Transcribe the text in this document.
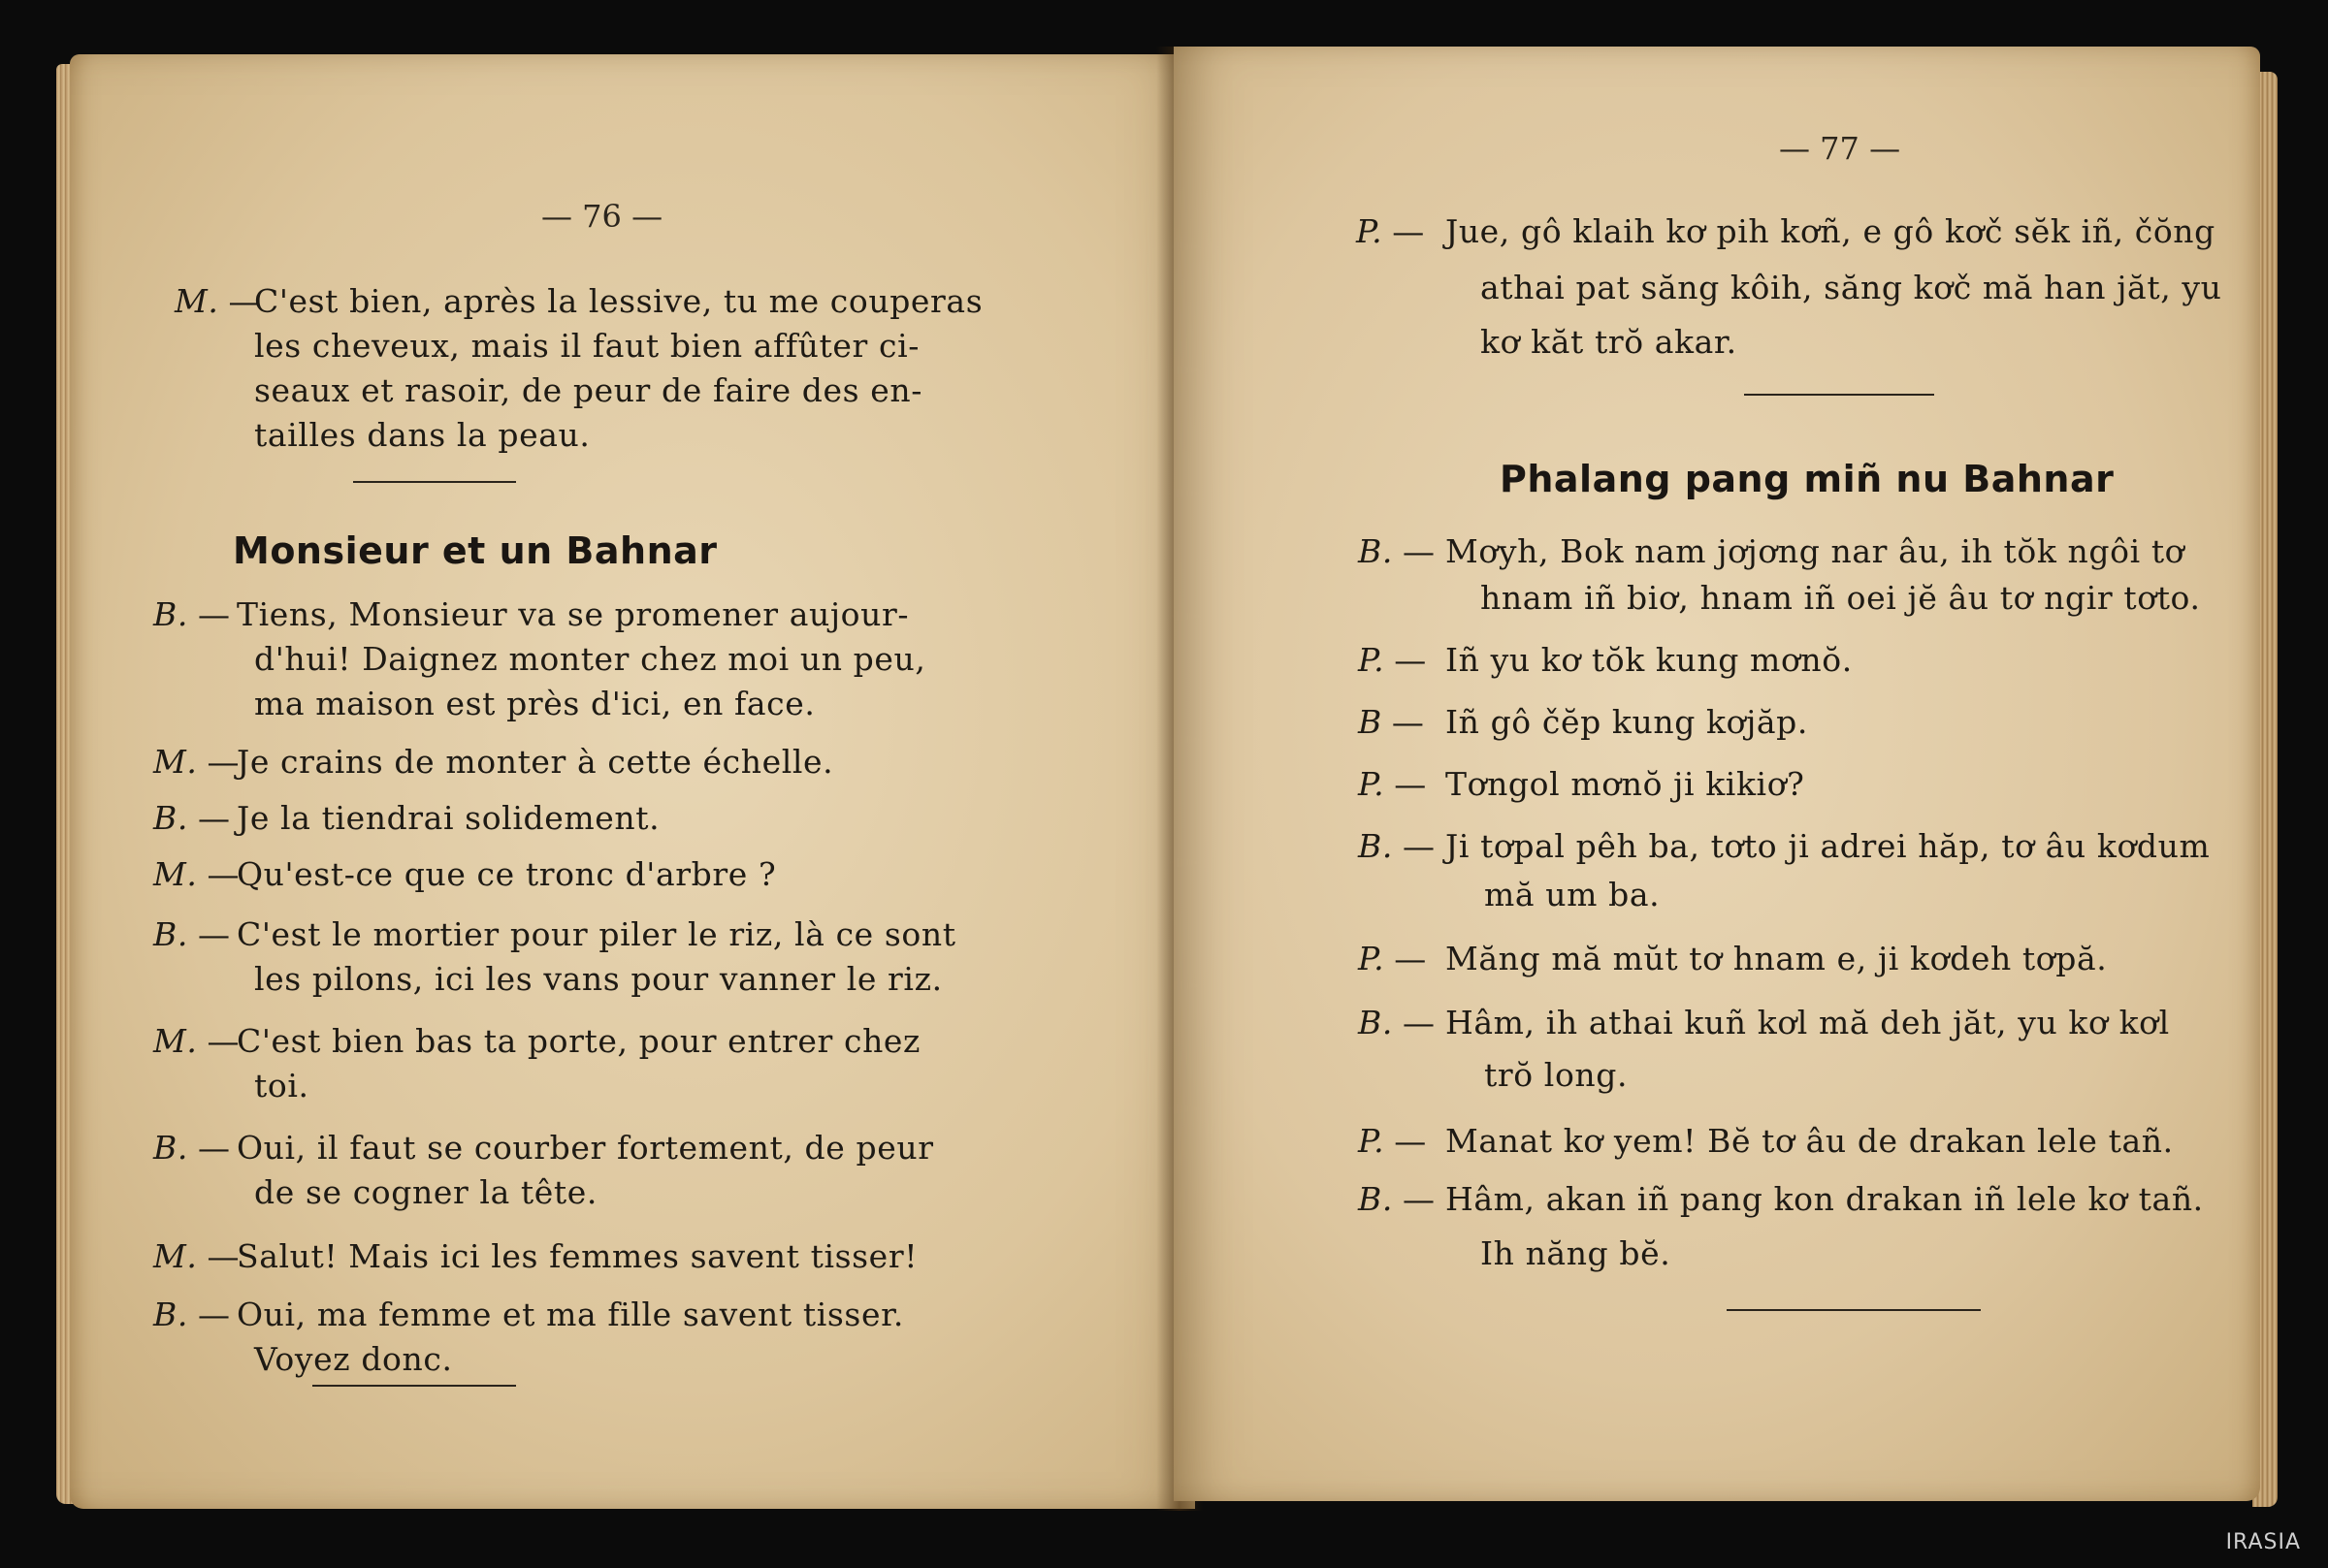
— 76 —
M. —
C'est bien, après la lessive, tu me couperas
les cheveux, mais il faut bien affûter ci-
seaux et rasoir, de peur de faire des en-
tailles dans la peau.
Monsieur et un Bahnar
B. — Tiens, Monsieur va se promener aujour-
d'hui! Daignez monter chez moi un peu,
ma maison est près d'ici, en face.
M. —
Je crains de monter à cette échelle.
B. — Je la tiendrai solidement.
M. —
Qu'est-ce que ce tronc d'arbre ?
B. — C'est le mortier pour piler le riz, là ce sont
les pilons, ici les vans pour vanner le riz.
M. —
C'est bien bas ta porte, pour entrer chez
toi.
B. — Oui, il faut se courber fortement, de peur
de se cogner la tête.
M. —
Salut! Mais ici les femmes savent tisser!
B. — Oui, ma femme et ma fille savent tisser.
Voyez donc.
— 77 —
P. — Jue, gô klaih kơ pih kơñ, e gô kơč sĕk iñ, čŏng
athai pat săng kôih, săng kơč mă han jăt, yu
kơ kăt trŏ akar.
Phalang pang miñ nu Bahnar
B. — Mơyh, Bok nam jơjơng nar âu, ih tŏk ngôi tơ
hnam iñ biơ, hnam iñ oei jĕ âu tơ ngir tơto.
P. — Iñ yu kơ tŏk kung mơnŏ.
B — Iñ gô čĕp kung kơjăp.
P. — Tơngol mơnŏ ji kikiơ?
B. — Ji tơpal pêh ba, tơto ji adrei hăp, tơ âu kơdum
mă um ba.
P. — Măng mă mŭt tơ hnam e, ji kơdeh tơpă.
B. — Hâm, ih athai kuñ kơl mă deh jăt, yu kơ kơl
trŏ long.
P. — Manat kơ yem! Bĕ tơ âu de drakan lele tañ.
B. — Hâm, akan iñ pang kon drakan iñ lele kơ tañ.
Ih năng bĕ.
IRASIA
